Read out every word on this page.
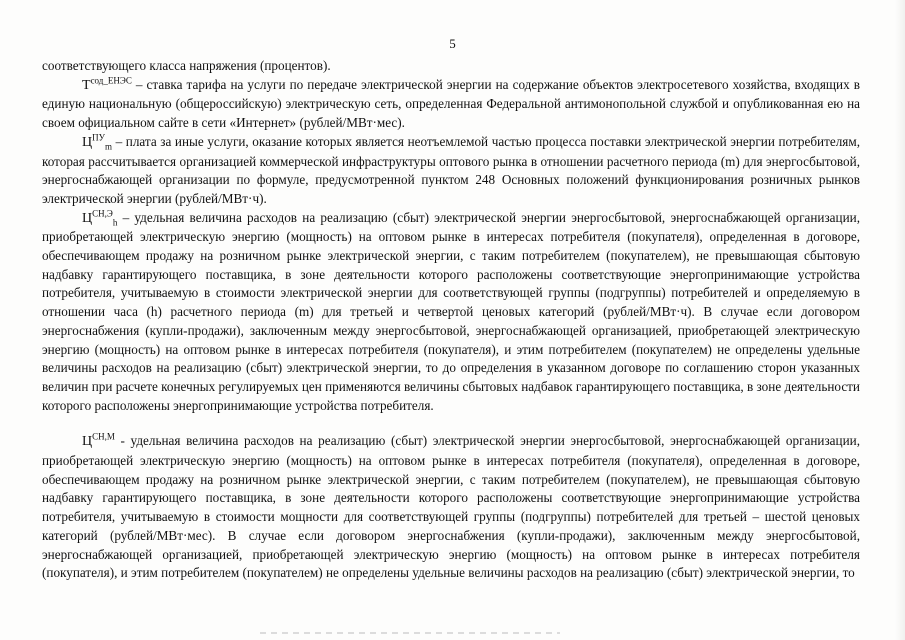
5

соответствующего класса напряжения (процентов).

$Т^{сод\_ЕНЭС}$ – ставка тарифа на услуги по передаче электрической энергии на содержание объектов электросетевого хозяйства, входящих в единую национальную (общероссийскую) электрическую сеть, определенная Федеральной антимонопольной службой и опубликованная ею на своем официальном сайте в сети «Интернет» (рублей/МВт·мес).

$Ц^{ПУ}_m$ – плата за иные услуги, оказание которых является неотъемлемой частью процесса поставки электрической энергии потребителям, которая рассчитывается организацией коммерческой инфраструктуры оптового рынка в отношении расчетного периода (m) для энергосбытовой, энергоснабжающей организации по формуле, предусмотренной пунктом 248 Основных положений функционирования розничных рынков электрической энергии (рублей/МВт·ч).

$Ц^{СН,Э}_h$ – удельная величина расходов на реализацию (сбыт) электрической энергии энергосбытовой, энергоснабжающей организации, приобретающей электрическую энергию (мощность) на оптовом рынке в интересах потребителя (покупателя), определенная в договоре, обеспечивающем продажу на розничном рынке электрической энергии, с таким потребителем (покупателем), не превышающая сбытовую надбавку гарантирующего поставщика, в зоне деятельности которого расположены соответствующие энергопринимающие устройства потребителя, учитываемую в стоимости электрической энергии для соответствующей группы (подгруппы) потребителей и определяемую в отношении часа (h) расчетного периода (m) для третьей и четвертой ценовых категорий (рублей/МВт·ч). В случае если договором энергоснабжения (купли-продажи), заключенным между энергосбытовой, энергоснабжающей организацией, приобретающей электрическую энергию (мощность) на оптовом рынке в интересах потребителя (покупателя), и этим потребителем (покупателем) не определены удельные величины расходов на реализацию (сбыт) электрической энергии, то до определения в указанном договоре по соглашению сторон указанных величин при расчете конечных регулируемых цен применяются величины сбытовых надбавок гарантирующего поставщика, в зоне деятельности которого расположены энергопринимающие устройства потребителя.

$Ц^{СН,М}$ - удельная величина расходов на реализацию (сбыт) электрической энергии энергосбытовой, энергоснабжающей организации, приобретающей электрическую энергию (мощность) на оптовом рынке в интересах потребителя (покупателя), определенная в договоре, обеспечивающем продажу на розничном рынке электрической энергии, с таким потребителем (покупателем), не превышающая сбытовую надбавку гарантирующего поставщика, в зоне деятельности которого расположены соответствующие энергопринимающие устройства потребителя, учитываемую в стоимости мощности для соответствующей группы (подгруппы) потребителей для третьей – шестой ценовых категорий (рублей/МВт·мес). В случае если договором энергоснабжения (купли-продажи), заключенным между энергосбытовой, энергоснабжающей организацией, приобретающей электрическую энергию (мощность) на оптовом рынке в интересах потребителя (покупателя), и этим потребителем (покупателем) не определены удельные величины расходов на реализацию (сбыт) электрической энергии, то
